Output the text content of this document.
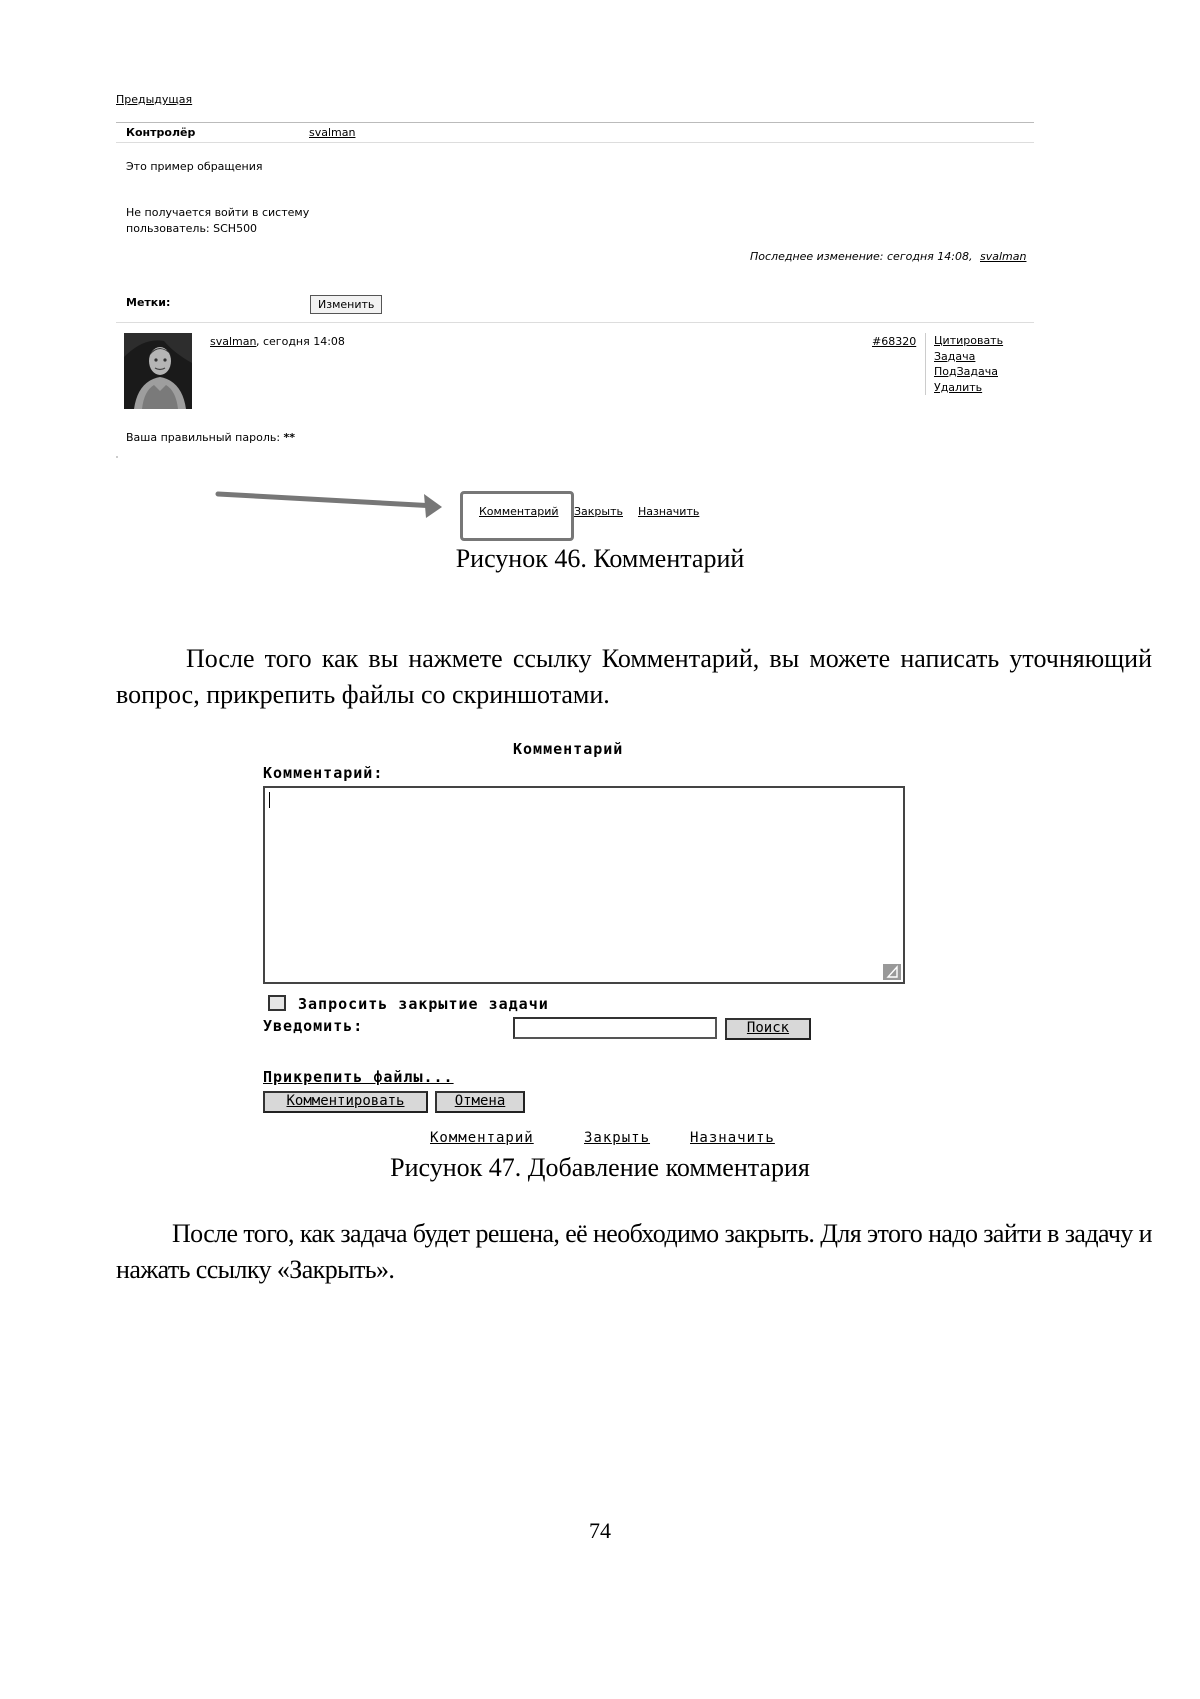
Предыдущая
Контролёр	svalman
Это пример обращения
Не получается войти в систему
пользователь: SCH500
Последнее изменение: сегодня 14:08, svalman
Метки:	Изменить
svalman , сегодня 14:08	#68320 Цитировать
Задача
ПодЗадача
Удалить
Ваша правильный пароль: **
Комментарий Закрыть Назначить
Рисунок 46. Комментарий
После того как вы нажмете ссылку Комментарий, вы можете написать уточняющий вопрос, прикрепить файлы со скриншотами.
Комментарий
Комментарий:
Запросить закрытие задачи
Уведомить:	Поиск
Прикрепить файлы...
Комментировать	Отмена
Комментарий	Закрыть	Назначить
Рисунок 47. Добавление комментария
После того, как задача будет решена, её необходимо закрыть. Для этого надо зайти в задачу и нажать ссылку «Закрыть».
74
